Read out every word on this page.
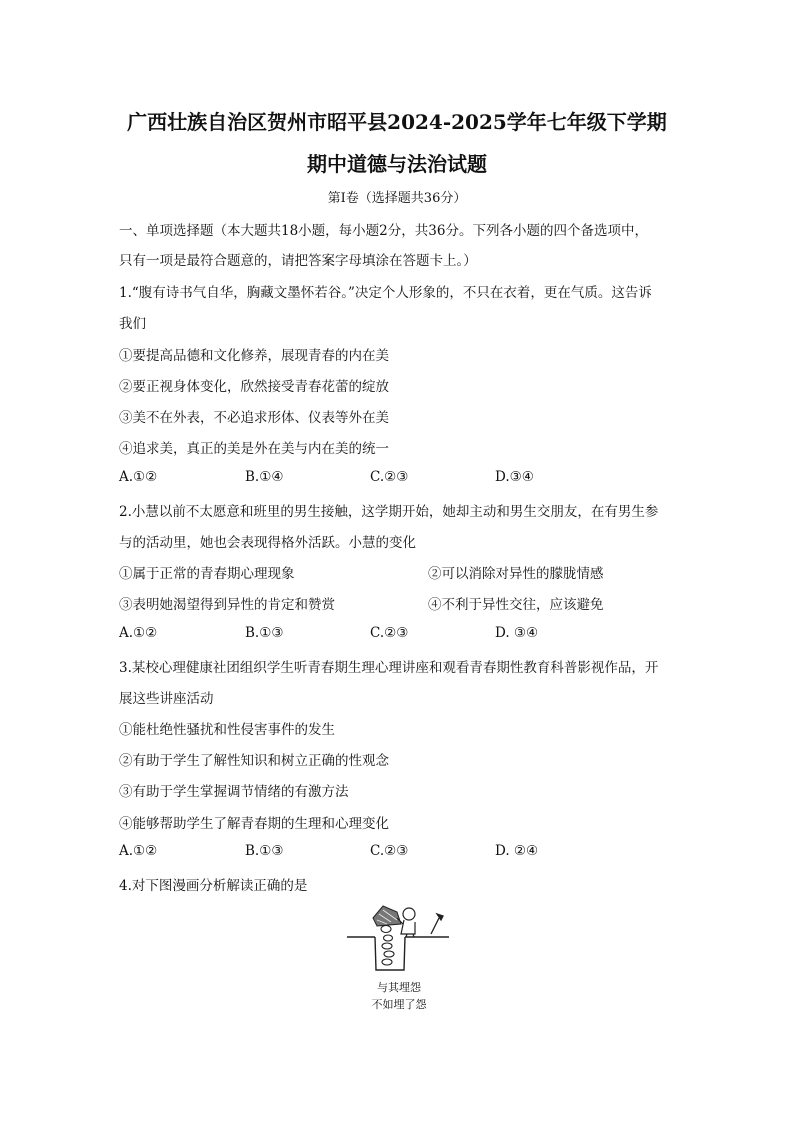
广西壮族自治区贺州市昭平县2024-2025学年七年级下学期
期中道德与法治试题
第Ⅰ卷（选择题共36分）
一、单项选择题（本大题共18小题，每小题2分，共36分。下列各小题的四个备选项中，
只有一项是最符合题意的，请把答案字母填涂在答题卡上。）
1.“腹有诗书气自华，胸藏文墨怀若谷。”决定个人形象的，不只在衣着，更在气质。这告诉
我们
①要提高品德和文化修养，展现青春的内在美
②要正视身体变化，欣然接受青春花蕾的绽放
③美不在外表，不必追求形体、仪表等外在美
④追求美，真正的美是外在美与内在美的统一
A.①②	B.①④	C.②③	D.③④
2.小慧以前不太愿意和班里的男生接触，这学期开始，她却主动和男生交朋友，在有男生参
与的活动里，她也会表现得格外活跃。小慧的变化
①属于正常的青春期心理现象	②可以消除对异性的朦胧情感
③表明她渴望得到异性的肯定和赞赏	④不利于异性交往，应该避免
A.①②	B.①③	C.②③	D. ③④
3.某校心理健康社团组织学生听青春期生理心理讲座和观看青春期性教育科普影视作品，开
展这些讲座活动
①能杜绝性骚扰和性侵害事件的发生
②有助于学生了解性知识和树立正确的性观念
③有助于学生掌握调节情绪的有激方法
④能够帮助学生了解青春期的生理和心理变化
A.①②	B.①③	C.②③	D. ②④
4.对下图漫画分析解读正确的是
与其埋怨
不如埋了怨
